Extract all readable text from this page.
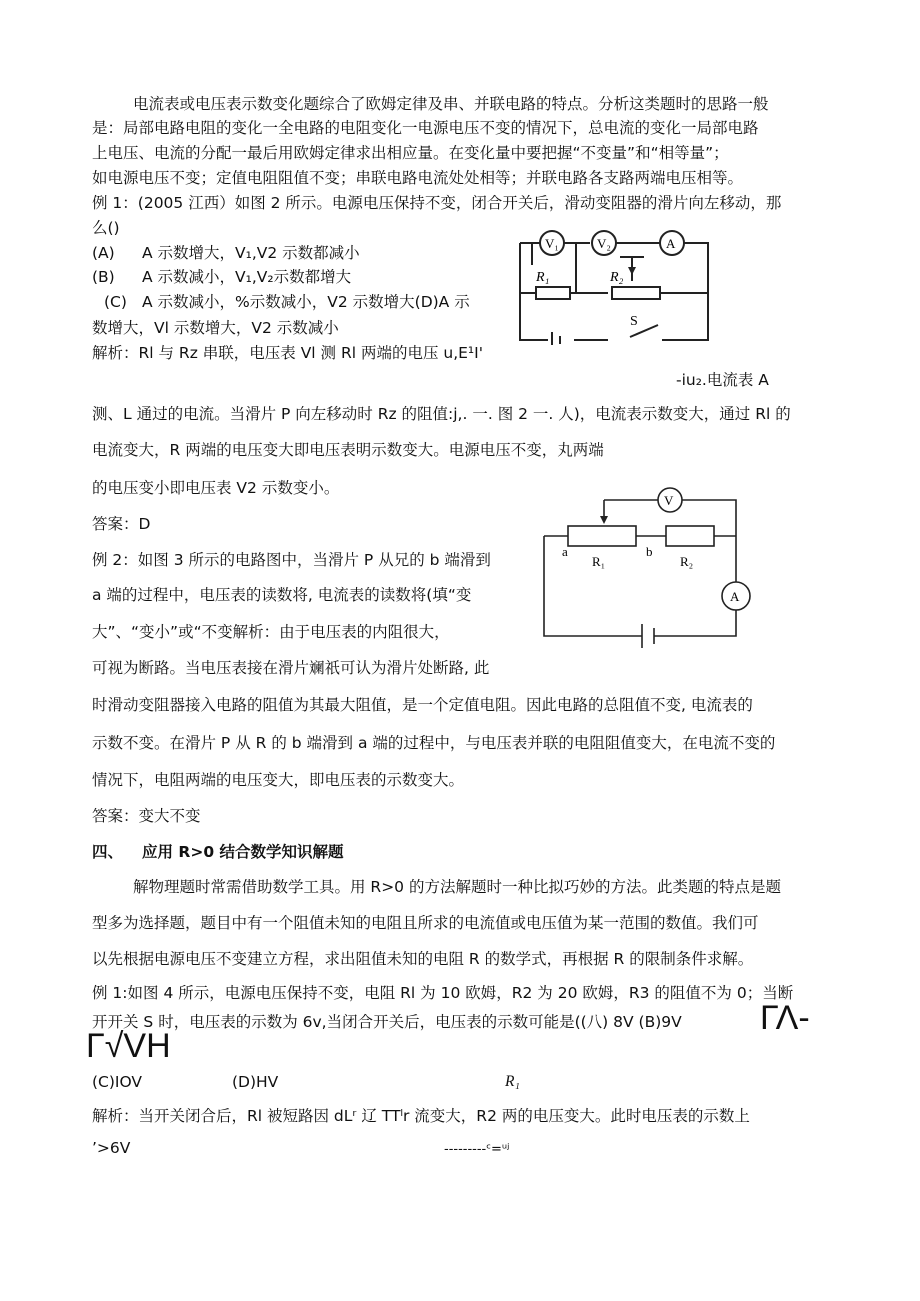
电流表或电压表示数变化题综合了欧姆定律及串、并联电路的特点。分析这类题时的思路一般
是：局部电路电阻的变化一全电路的电阻变化一电源电压不变的情况下，总电流的变化一局部电路
上电压、电流的分配一最后用欧姆定律求出相应量。在变化量中要把握“不变量”和“相等量”；
如电源电压不变；定值电阻阻值不变；串联电路电流处处相等；并联电路各支路两端电压相等。
例 1：(2005 江西）如图 2 所示。电源电压保持不变，闭合开关后，滑动变阻器的滑片向左移动，那
么()
(A) A 示数增大，V₁,V2 示数都减小
(B) A 示数减小，V₁,V₂示数都增大
(C) A 示数减小，%示数减小，V2 示数增大(D)A 示
数增大，Vl 示数增大，V2 示数减小
解析：Rl 与 Rz 串联，电压表 Vl 测 Rl 两端的电压 u,E¹I'
-iu₂.电流表 A
测、L 通过的电流。当滑片 P 向左移动时 Rz 的阻值:j,. 一. 图 2 一. 人)，电流表示数变大，通过 Rl 的
电流变大，R 两端的电压变大即电压表明示数变大。电源电压不变，丸两端
的电压变小即电压表 V2 示数变小。
答案：D
V₁	V₂	A
R₁	R₂
S
例 2：如图 3 所示的电路图中，当滑片 P 从兄的 b 端滑到
a 端的过程中，电压表的读数将, 电流表的读数将(填“变
大”、“变小”或“不变解析：由于电压表的内阻很大，
可视为断路。当电压表接在滑片斓祇可认为滑片处断路, 此
时滑动变阻器接入电路的阻值为其最大阻值，是一个定值电阻。因此电路的总阻值不变, 电流表的
示数不变。在滑片 P 从 R 的 b 端滑到 a 端的过程中，与电压表并联的电阻阻值变大，在电流不变的
情况下，电阻两端的电压变大，即电压表的示数变大。
答案：变大不变
V
A
a	b
R₁	R₂
四、 应用 R>0 结合数学知识解题
解物理题时常需借助数学工具。用 R>0 的方法解题时一种比拟巧妙的方法。此类题的特点是题
型多为选择题，题目中有一个阻值未知的电阻且所求的电流值或电压值为某一范围的数值。我们可
以先根据电源电压不变建立方程，求出阻值未知的电阻 R 的数学式，再根据 R 的限制条件求解。
例 1:如图 4 所示，电源电压保持不变，电阻 Rl 为 10 欧姆，R2 为 20 欧姆，R3 的阻值不为 0；当断
开开关 S 时，电压表的示数为 6v,当闭合开关后，电压表的示数可能是((八) 8V (B)9V ΓΛ-
Γ√VH
(C)IOV	(D)HV	R₁
解析：当开关闭合后，Rl 被短路因 dLʳ 辽 TTˡr 流变大，R2 两的电压变大。此时电压表的示数上
’>6V	---------ᶜ=ᵘʲ
